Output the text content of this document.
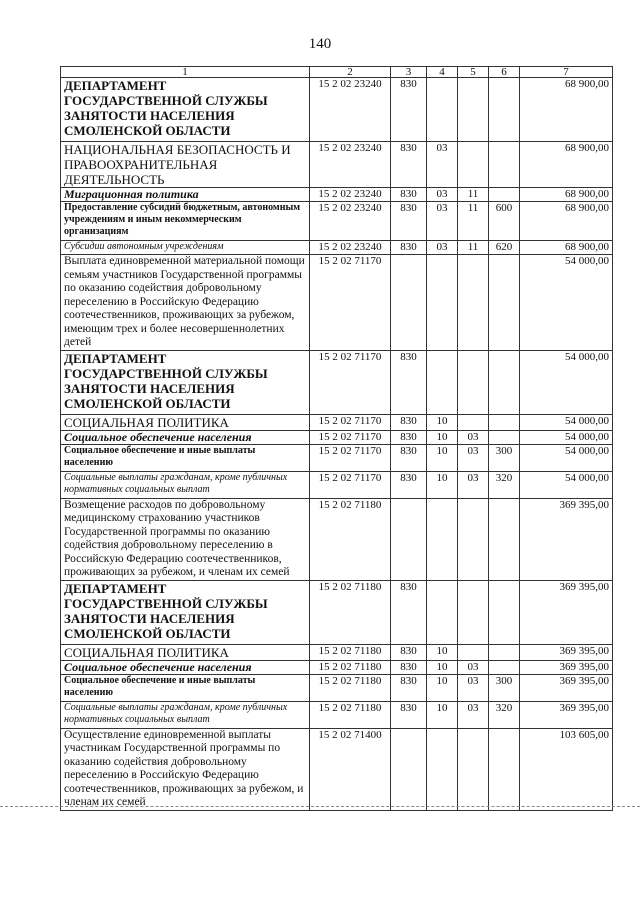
140
1	2	3	4	5	6	7
ДЕПАРТАМЕНТ ГОСУДАРСТВЕННОЙ СЛУЖБЫ ЗАНЯТОСТИ НАСЕЛЕНИЯ СМОЛЕНСКОЙ ОБЛАСТИ	15 2 02 23240	830				68 900,00
НАЦИОНАЛЬНАЯ БЕЗОПАСНОСТЬ И ПРАВООХРАНИТЕЛЬНАЯ ДЕЯТЕЛЬНОСТЬ	15 2 02 23240	830	03			68 900,00
Миграционная политика	15 2 02 23240	830	03	11		68 900,00
Предоставление субсидий бюджетным, автономным учреждениям и иным некоммерческим организациям	15 2 02 23240	830	03	11	600	68 900,00
Субсидии автономным учреждениям	15 2 02 23240	830	03	11	620	68 900,00
Выплата единовременной материальной помощи семьям участников Государственной программы по оказанию содействия добровольному переселению в Российскую Федерацию соотечественников, проживающих за рубежом, имеющим трех и более несовершеннолетних детей	15 2 02 71170					54 000,00
ДЕПАРТАМЕНТ ГОСУДАРСТВЕННОЙ СЛУЖБЫ ЗАНЯТОСТИ НАСЕЛЕНИЯ СМОЛЕНСКОЙ ОБЛАСТИ	15 2 02 71170	830				54 000,00
СОЦИАЛЬНАЯ ПОЛИТИКА	15 2 02 71170	830	10			54 000,00
Социальное обеспечение населения	15 2 02 71170	830	10	03		54 000,00
Социальное обеспечение и иные выплаты населению	15 2 02 71170	830	10	03	300	54 000,00
Социальные выплаты гражданам, кроме публичных нормативных социальных выплат	15 2 02 71170	830	10	03	320	54 000,00
Возмещение расходов по добровольному медицинскому страхованию участников Государственной программы по оказанию содействия добровольному переселению в Российскую Федерацию соотечественников, проживающих за рубежом, и членам их семей	15 2 02 71180					369 395,00
ДЕПАРТАМЕНТ ГОСУДАРСТВЕННОЙ СЛУЖБЫ ЗАНЯТОСТИ НАСЕЛЕНИЯ СМОЛЕНСКОЙ ОБЛАСТИ	15 2 02 71180	830				369 395,00
СОЦИАЛЬНАЯ ПОЛИТИКА	15 2 02 71180	830	10			369 395,00
Социальное обеспечение населения	15 2 02 71180	830	10	03		369 395,00
Социальное обеспечение и иные выплаты населению	15 2 02 71180	830	10	03	300	369 395,00
Социальные выплаты гражданам, кроме публичных нормативных социальных выплат	15 2 02 71180	830	10	03	320	369 395,00
Осуществление единовременной выплаты участникам Государственной программы по оказанию содействия добровольному переселению в Российскую Федерацию соотечественников, проживающих за рубежом, и членам их семей	15 2 02 71400					103 605,00
